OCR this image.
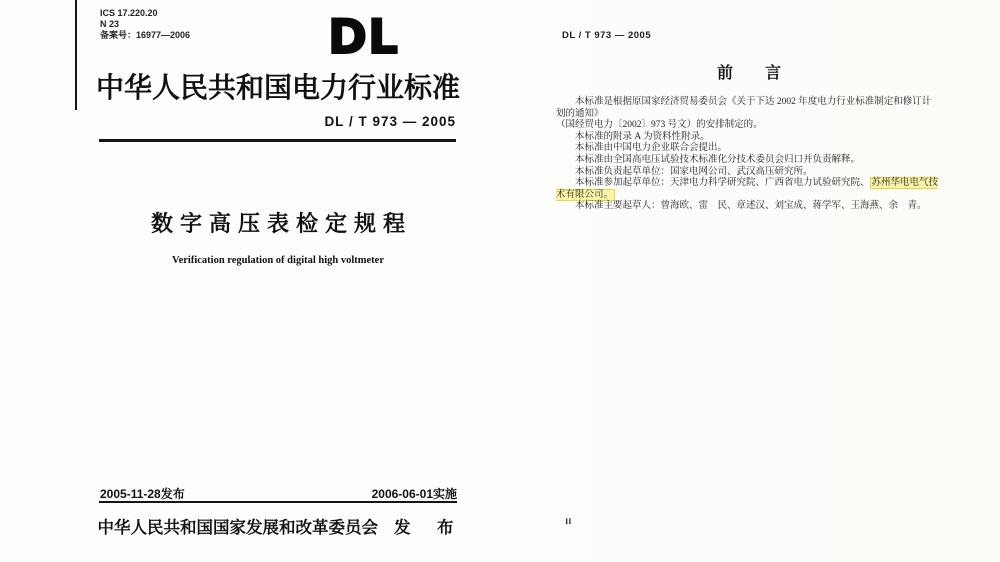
ICS 17.220.20
N 23
备案号：16977—2006	DL
中华人民共和国电力行业标准
DL / T 973 — 2005
数字高压表检定规程
Verification regulation of digital high voltmeter
2005-11-28发布	2006-06-01实施
中华人民共和国国家发展和改革委员会 发　布
DL / T 973 — 2005
前　　言

本标准是根据原国家经济贸易委员会《关于下达 2002 年度电力行业标准制定和修订计划的通知》

（国经贸电力〔2002〕973 号文）的安排制定的。

本标准的附录 A 为资料性附录。

本标准由中国电力企业联合会提出。

本标准由全国高电压试验技术标准化分技术委员会归口并负责解释。

本标准负责起草单位：国家电网公司、武汉高压研究所。

本标准参加起草单位：天津电力科学研究院、广西省电力试验研究院、 苏州华电电气技术有限公司。

本标准主要起草人：曾海欧、雷　民、章述汉、刘宝成、蒋学军、王海燕、余　青。

II
